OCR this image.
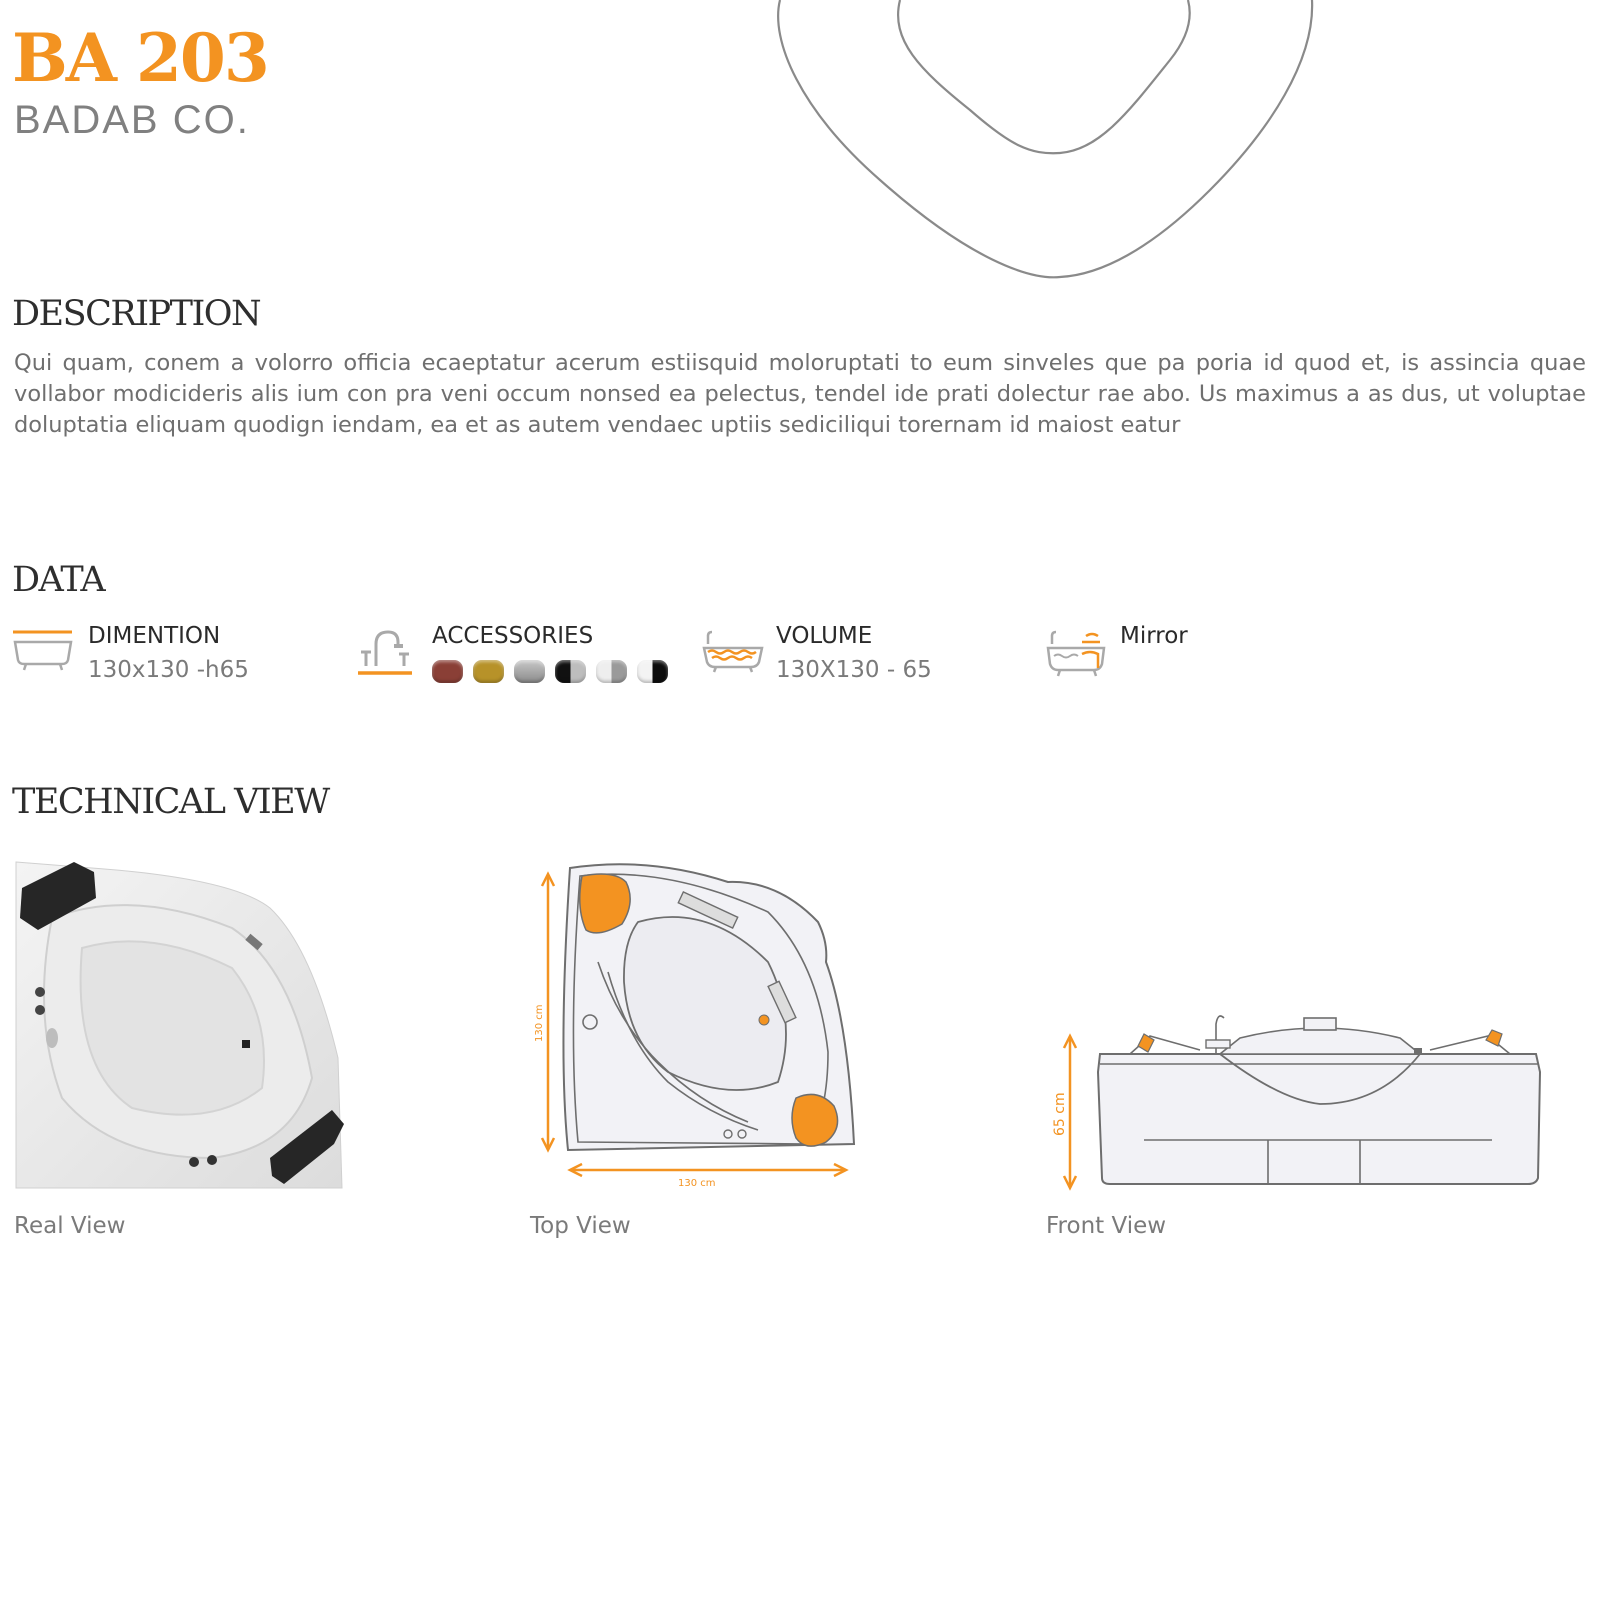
BA 203
BADAB CO.
DESCRIPTION

Qui quam, conem a volorro officia ecaeptatur acerum estiisquid moloruptati to eum sinveles que pa poria id quod et, is assincia quae vollabor modicideris alis ium con pra veni occum nonsed ea pelectus, tendel ide prati dolectur rae abo. Us maximus a as dus, ut voluptae doluptatia eliquam quodign iendam, ea et as autem vendaec uptiis sediciliqui torernam id maiost eatur

DATA
DIMENTION
130x130 -h65
ACCESSORIES	VOLUME
130X130 - 65
Mirror
TECHNICAL VIEW
Real View
130 cm
130 cm
Top View
65 cm
Front View
